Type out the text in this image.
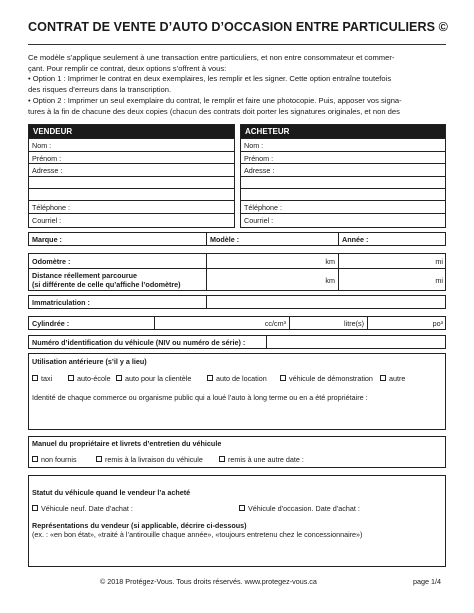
CONTRAT DE VENTE D’AUTO D’OCCASION ENTRE PARTICULIERS ©

Ce modèle s’applique seulement à une transaction entre particuliers, et non entre consommateur et commer-

çant. Pour remplir ce contrat, deux options s’offrent à vous:

• Option 1 : Imprimer le contrat en deux exemplaires, les remplir et les signer. Cette option entraîne toutefois

des risques d’erreurs dans la transcription.

• Option 2 : Imprimer un seul exemplaire du contrat, le remplir et faire une photocopie. Puis, apposer vos signa-

tures à la fin de chacune des deux copies (chacun des contrats doit porter les signatures originales, et non des

VENDEUR
Nom :
Prénom :
Adresse :
Téléphone :
Courriel :
ACHETEUR
Nom :
Prénom :
Adresse :
Téléphone :
Courriel :
Marque :	Modèle :	Année :
Odomètre :	km	mi
Distance réellement parcourue
(si différente de celle qu’affiche l’odomètre)	km	mi
Immatriculation :
Cylindrée :	cc/cm³	litre(s)	po³
Numéro d’identification du véhicule (NIV ou numéro de série) :
Utilisation antérieure (s’il y a lieu)
taxi	auto-école auto pour la clientèle	auto de location	véhicule de démonstration autre
Identité de chaque commerce ou organisme public qui a loué l’auto à long terme ou en a été propriétaire :
Manuel du propriétaire et livrets d’entretien du véhicule
non fournis	remis à la livraison du véhicule	remis à une autre date :
Statut du véhicule quand le vendeur l’a acheté
Véhicule neuf. Date d’achat :	Véhicule d’occasion. Date d’achat :
Représentations du vendeur (si applicable, décrire ci-dessous)
(ex. : «en bon état», «traité à l’antirouille chaque année», «toujours entretenu chez le concessionnaire»)
© 2018 Protégez-Vous. Tous droits réservés. www.protegez-vous.ca	page 1/4
